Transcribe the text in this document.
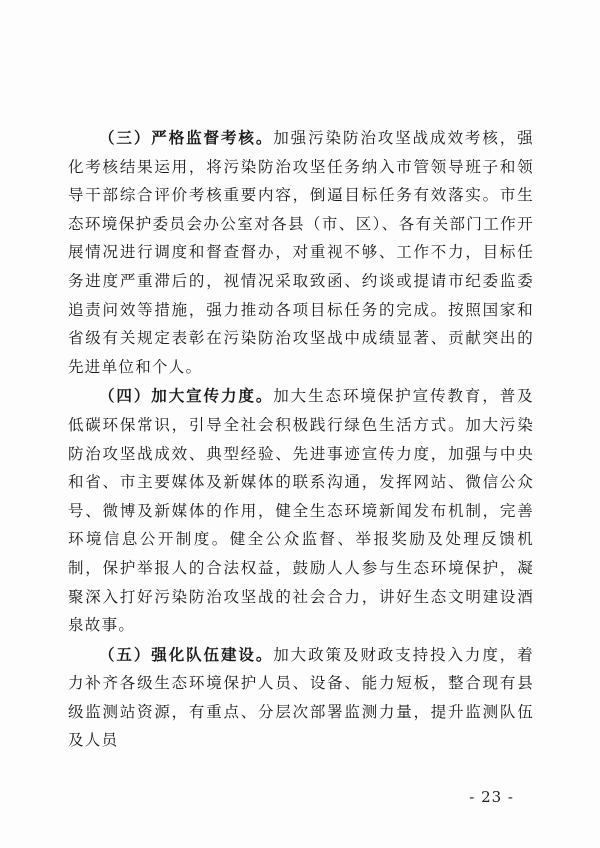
（三）严格监督考核。加强污染防治攻坚战成效考核，强化考核结果运用，将污染防治攻坚任务纳入市管领导班子和领导干部综合评价考核重要内容，倒逼目标任务有效落实。市生态环境保护委员会办公室对各县（市、区）、各有关部门工作开展情况进行调度和督查督办，对重视不够、工作不力，目标任务进度严重滞后的，视情况采取致函、约谈或提请市纪委监委追责问效等措施，强力推动各项目标任务的完成。按照国家和省级有关规定表彰在污染防治攻坚战中成绩显著、贡献突出的先进单位和个人。

（四）加大宣传力度。加大生态环境保护宣传教育，普及低碳环保常识，引导全社会积极践行绿色生活方式。加大污染防治攻坚战成效、典型经验、先进事迹宣传力度，加强与中央和省、市主要媒体及新媒体的联系沟通，发挥网站、微信公众号、微博及新媒体的作用，健全生态环境新闻发布机制，完善环境信息公开制度。健全公众监督、举报奖励及处理反馈机制，保护举报人的合法权益，鼓励人人参与生态环境保护，凝聚深入打好污染防治攻坚战的社会合力，讲好生态文明建设酒泉故事。

（五）强化队伍建设。加大政策及财政支持投入力度，着力补齐各级生态环境保护人员、设备、能力短板，整合现有县级监测站资源，有重点、分层次部署监测力量，提升监测队伍及人员

- 23 -
